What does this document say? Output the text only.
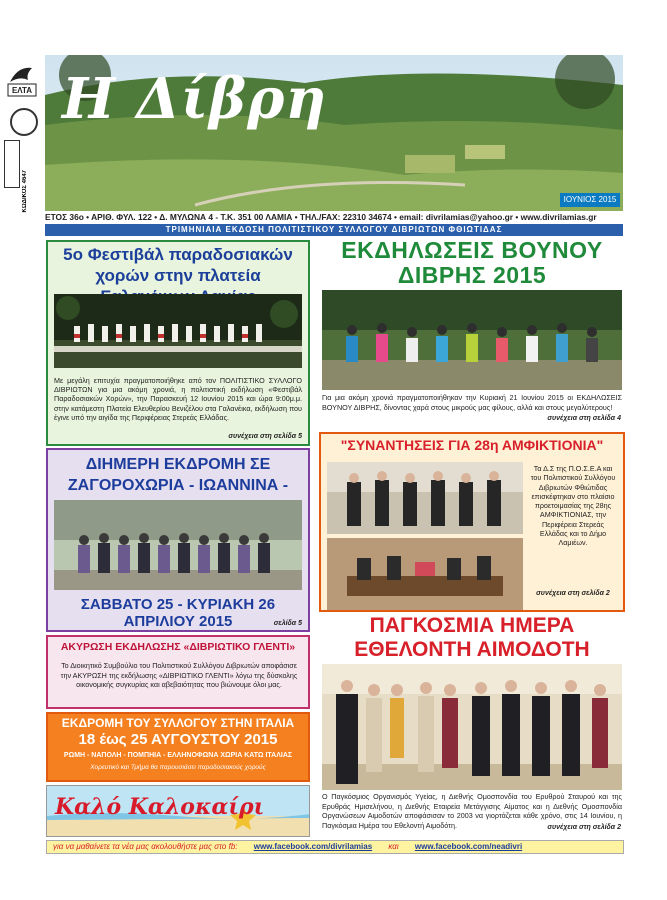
ΕΛΤΑ
ΚΩΔΙΚΟΣ 4647
Η Δίβρη
ΙΟΥΝΙΟΣ 2015
ΕΤΟΣ 36ο • ΑΡΙΘ. ΦΥΛ. 122 • Δ. ΜΥΛΩΝΑ 4 - Τ.Κ. 351 00 ΛΑΜΙΑ • ΤΗΛ./FAX: 22310 34674 • email: divrilamias@yahoo.gr • www.divrilamias.gr
ΤΡΙΜΗΝΙΑΙΑ ΕΚΔΟΣΗ ΠΟΛΙΤΙΣΤΙΚΟΥ ΣΥΛΛΟΓΟΥ ΔΙΒΡΙΩΤΩΝ ΦΘΙΩΤΙΔΑΣ
5ο Φεστιβάλ παραδοσιακών χορών στην πλατεία
Με μεγάλη επιτυχία πραγματοποιήθηκε από τον ΠΟΛΙΤΙΣΤΙΚΟ ΣΥΛΛΟΓΟ ΔΙΒΡΙΩΤΩΝ για μια ακόμη χρονιά, η πολιτιστική εκδήλωση «Φεστιβάλ Παραδοσιακών Χορών», την Παρασκευή 12 Ιουνίου 2015 και ώρα 9:00μ.μ. στην κατάμεστη Πλατεία Ελευθερίου Βενιζέλου στα Γαλανέικα, εκδήλωση που έγινε υπό την αιγίδα της Περιφέρειας Στερεάς Ελλάδας.
συνέχεια στη σελίδα 5
ΔΙΗΜΕΡΗ ΕΚΔΡΟΜΗ ΣΕ ΖΑΓΟΡΟΧΩΡΙΑ - ΙΩΑΝΝΙΝΑ -
ΣΑΒΒΑΤΟ 25 - ΚΥΡΙΑΚΗ 26 ΑΠΡΙΛΙΟΥ 2015	σελίδα 5
ΑΚΥΡΩΣΗ ΕΚΔΗΛΩΣΗΣ «ΔΙΒΡΙΩΤΙΚΟ ΓΛΕΝΤΙ»
Το Διοικητικό Συμβούλιο του Πολιτιστικού Συλλόγου Διβριωτών αποφάσισε την ΑΚΥΡΩΣΗ της εκδήλωσης «ΔΙΒΡΙΩΤΙΚΟ ΓΛΕΝΤΙ» λόγω της δύσκολης οικονομικής συγκυρίας και αβεβαιότητας που βιώνουμε όλοι μας.
ΕΚΔΡΟΜΗ ΤΟΥ ΣΥΛΛΟΓΟΥ ΣΤΗΝ ΙΤΑΛΙΑ
18 έως 25 ΑΥΓΟΥΣΤΟΥ 2015
ΡΩΜΗ - ΝΑΠΟΛΗ - ΠΟΜΠΗΙΑ - ΕΛΛΗΝΟΦΩΝΑ ΧΩΡΙΑ ΚΑΤΩ ΙΤΑΛΙΑΣ
Χορευτικό και Τμήμα θα παρουσιάσει παραδοσιακούς χορούς
Καλό Καλοκαίρι
ΕΚΔΗΛΩΣΕΙΣ ΒΟΥΝΟΥ ΔΙΒΡΗΣ 2015
Για μια ακόμη χρονιά πραγματοποιήθηκαν την Κυριακή 21 Ιουνίου 2015 οι ΕΚΔΗΛΩΣΕΙΣ ΒΟΥΝΟΥ ΔΙΒΡΗΣ, δίνοντας χαρά στους μικρούς μας φίλους, αλλά και στους μεγαλύτερους!
συνέχεια στη σελίδα 4
"ΣΥΝΑΝΤΗΣΕΙΣ ΓΙΑ 28η ΑΜΦΙΚΤΙΟΝΙΑ"
Τα Δ.Σ της Π.Ο.Σ.Ε.Α και του Πολιτιστικού Συλλόγου Διβριωτών Φθιώτιδας επισκέφτηκαν στο πλαίσιο προετοιμασίας της 28ης ΑΜΦΙΚΤΙΟΝΙΑΣ, την Περιφέρεια Στερεάς Ελλάδας και το Δήμο Λαμιέων.
συνέχεια στη σελίδα 2
ΠΑΓΚΟΣΜΙΑ ΗΜΕΡΑ ΕΘΕΛΟΝΤΗ ΑΙΜΟΔΟΤΗ
Ο Παγκόσμιος Οργανισμός Υγείας, η Διεθνής Ομοσπονδία του Ερυθρού Σταυρού και της Ερυθράς Ημισελήνου, η Διεθνής Εταιρεία Μετάγγισης Αίματος και η Διεθνής Ομοσπονδία Οργανώσεων Αιμοδοτών αποφάσισαν το 2003 να γιορτάζεται κάθε χρόνο, στις 14 Ιουνίου, η Παγκόσμια Ημέρα του Εθελοντή Αιμοδότη.	συνέχεια στη σελίδα 2
για να μαθαίνετε τα νέα μας ακολουθήστε μας στο fb: www.facebook.com/divrilamias και www.facebook.com/neadivri
